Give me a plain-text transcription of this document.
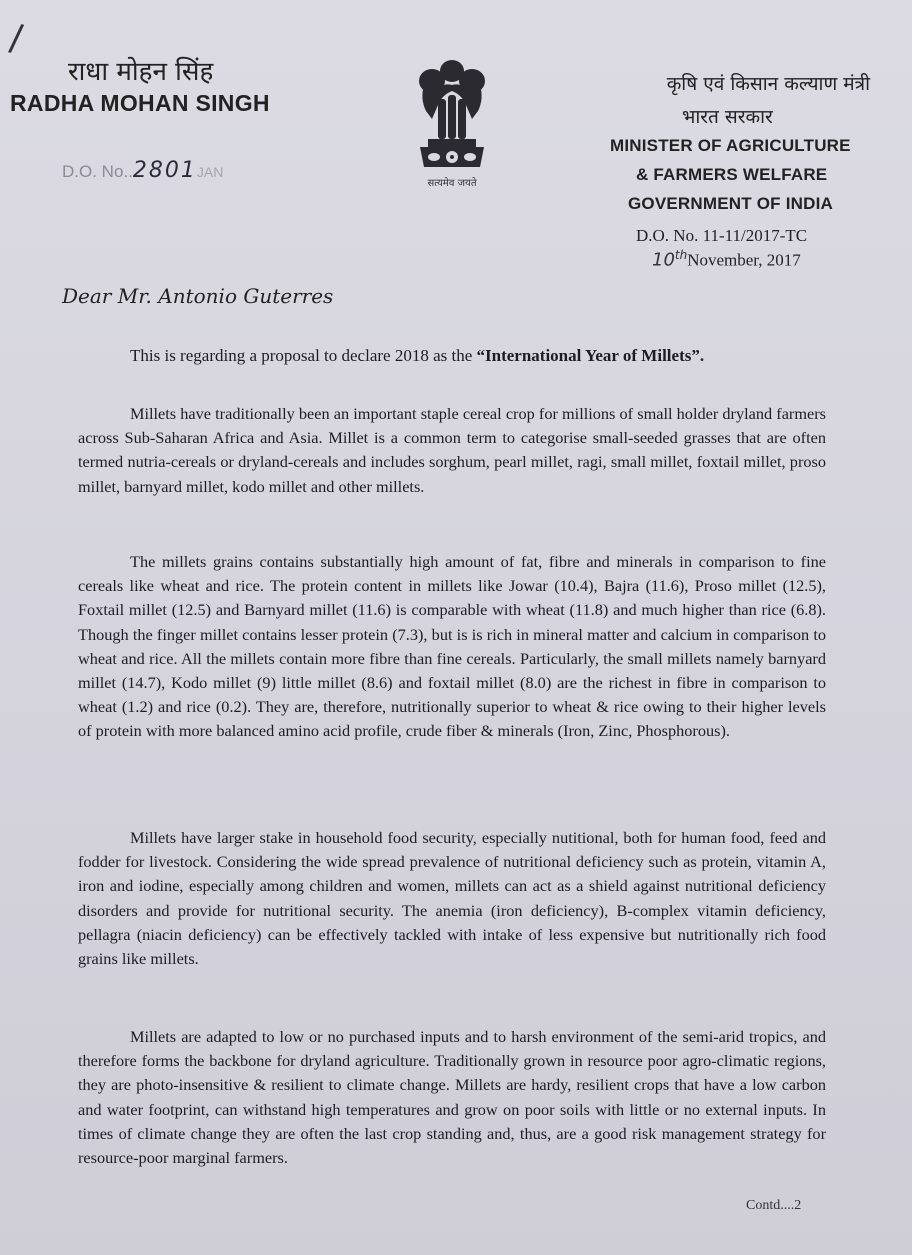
/
राधा मोहन सिंह
RADHA MOHAN SINGH
D.O. No..2801JAN
सत्यमेव जयते
कृषि एवं किसान कल्याण मंत्री
भारत सरकार
MINISTER OF AGRICULTURE
& FARMERS WELFARE
GOVERNMENT OF INDIA
D.O. No. 11-11/2017-TC
10thNovember, 2017
Dear Mr. Antonio Guterres
This is regarding a proposal to declare 2018 as the “International Year of Millets”.

Millets have traditionally been an important staple cereal crop for millions of small holder dryland farmers across Sub-Saharan Africa and Asia. Millet is a common term to categorise small-seeded grasses that are often termed nutria-cereals or dryland-cereals and includes sorghum, pearl millet, ragi, small millet, foxtail millet, proso millet, barnyard millet, kodo millet and other millets.

The millets grains contains substantially high amount of fat, fibre and minerals in comparison to fine cereals like wheat and rice. The protein content in millets like Jowar (10.4), Bajra (11.6), Proso millet (12.5), Foxtail millet (12.5) and Barnyard millet (11.6) is comparable with wheat (11.8) and much higher than rice (6.8). Though the finger millet contains lesser protein (7.3), but is is rich in mineral matter and calcium in comparison to wheat and rice. All the millets contain more fibre than fine cereals. Particularly, the small millets namely barnyard millet (14.7), Kodo millet (9) little millet (8.6) and foxtail millet (8.0) are the richest in fibre in comparison to wheat (1.2) and rice (0.2). They are, therefore, nutritionally superior to wheat & rice owing to their higher levels of protein with more balanced amino acid profile, crude fiber & minerals (Iron, Zinc, Phosphorous).

Millets have larger stake in household food security, especially nutitional, both for human food, feed and fodder for livestock. Considering the wide spread prevalence of nutritional deficiency such as protein, vitamin A, iron and iodine, especially among children and women, millets can act as a shield against nutritional deficiency disorders and provide for nutritional security. The anemia (iron deficiency), B-complex vitamin deficiency, pellagra (niacin deficiency) can be effectively tackled with intake of less expensive but nutritionally rich food grains like millets.

Millets are adapted to low or no purchased inputs and to harsh environment of the semi-arid tropics, and therefore forms the backbone for dryland agriculture. Traditionally grown in resource poor agro-climatic regions, they are photo-insensitive & resilient to climate change. Millets are hardy, resilient crops that have a low carbon and water footprint, can withstand high temperatures and grow on poor soils with little or no external inputs. In times of climate change they are often the last crop standing and, thus, are a good risk management strategy for resource-poor marginal farmers.

Contd....2
